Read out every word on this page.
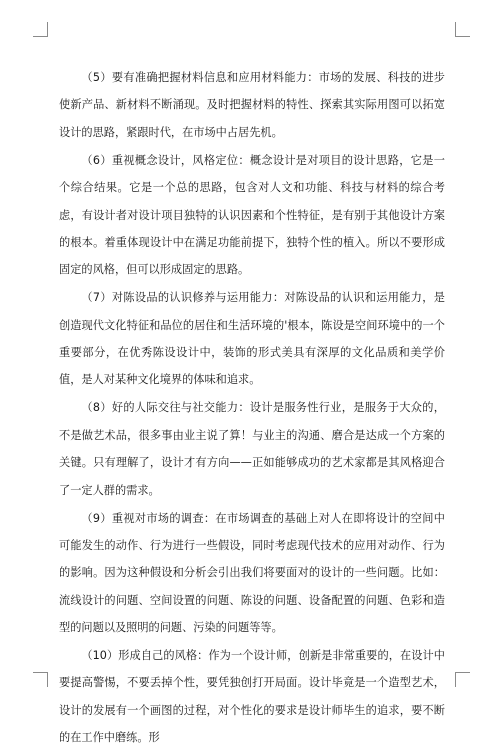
（5）要有准确把握材料信息和应用材料能力：市场的发展、科技的进步使新产品、新材料不断涌现。及时把握材料的特性、探索其实际用图可以拓宽设计的思路，紧跟时代，在市场中占居先机。

（6）重视概念设计，风格定位：概念设计是对项目的设计思路，它是一个综合结果。它是一个总的思路，包含对人文和功能、科技与材料的综合考虑，有设计者对设计项目独特的认识因素和个性特征，是有别于其他设计方案的根本。着重体现设计中在满足功能前提下，独特个性的植入。所以不要形成固定的风格，但可以形成固定的思路。

（7）对陈设品的认识修养与运用能力：对陈设品的认识和运用能力，是创造现代文化特征和品位的居住和生活环境的'根本，陈设是空间环境中的一个重要部分，在优秀陈设设计中，装饰的形式美具有深厚的文化品质和美学价值，是人对某种文化境界的体味和追求。

（8）好的人际交往与社交能力：设计是服务性行业，是服务于大众的，不是做艺术品，很多事由业主说了算！与业主的沟通、磨合是达成一个方案的关键。只有理解了，设计才有方向——正如能够成功的艺术家都是其风格迎合了一定人群的需求。

（9）重视对市场的调查：在市场调查的基础上对人在即将设计的空间中可能发生的动作、行为进行一些假设，同时考虑现代技术的应用对动作、行为的影响。因为这种假设和分析会引出我们将要面对的设计的一些问题。比如：流线设计的问题、空间设置的问题、陈设的问题、设备配置的问题、色彩和造型的问题以及照明的问题、污染的问题等等。

（10）形成自己的风格：作为一个设计师，创新是非常重要的，在设计中要提高警惕，不要丢掉个性，要凭独创打开局面。设计毕竟是一个造型艺术，设计的发展有一个画图的过程，对个性化的要求是设计师毕生的追求，要不断的在工作中磨练。形
